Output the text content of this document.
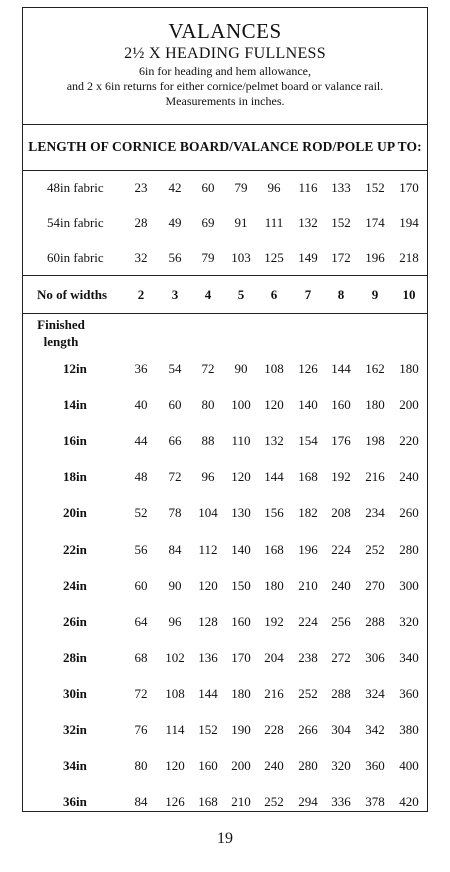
VALANCES
2½ X HEADING FULLNESS
6in for heading and hem allowance,
and 2 x 6in returns for either cornice/pelmet board or valance rail.
Measurements in inches.
LENGTH OF CORNICE BOARD/VALANCE ROD/POLE UP TO:
48in fabric	23	42	60	79	96	116	133	152	170
54in fabric	28	49	69	91	111	132	152	174	194
60in fabric	32	56	79	103	125	149	172	196	218
No of widths	2	3	4	5	6	7	8	9	10
Finished
length
12in	36	54	72	90	108	126	144	162	180
14in	40	60	80	100	120	140	160	180	200
16in	44	66	88	110	132	154	176	198	220
18in	48	72	96	120	144	168	192	216	240
20in	52	78	104	130	156	182	208	234	260
22in	56	84	112	140	168	196	224	252	280
24in	60	90	120	150	180	210	240	270	300
26in	64	96	128	160	192	224	256	288	320
28in	68	102	136	170	204	238	272	306	340
30in	72	108	144	180	216	252	288	324	360
32in	76	114	152	190	228	266	304	342	380
34in	80	120	160	200	240	280	320	360	400
36in	84	126	168	210	252	294	336	378	420
19
